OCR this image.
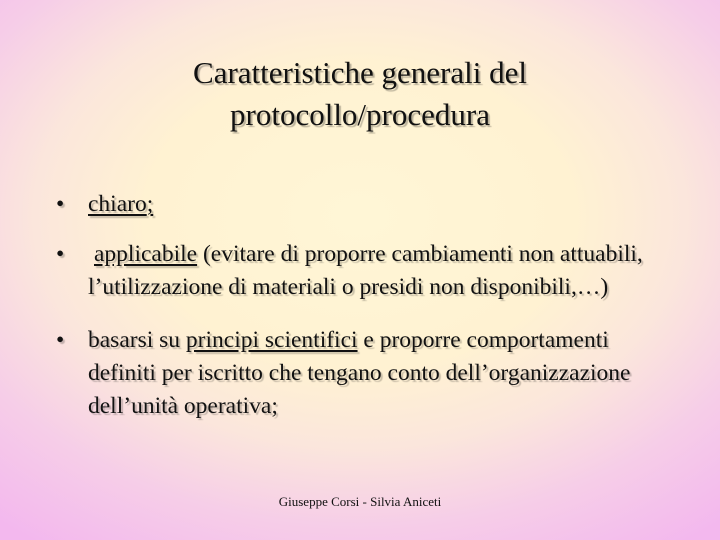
Caratteristiche generali del
protocollo/procedura
•	chiaro;
•	applicabile (evitare di proporre cambiamenti non attuabili, l’utilizzazione di materiali o presidi non disponibili,…)
•	basarsi su principi scientifici e proporre comportamenti definiti per iscritto che tengano conto dell’organizzazione dell’unità operativa;
Giuseppe Corsi - Silvia Aniceti
